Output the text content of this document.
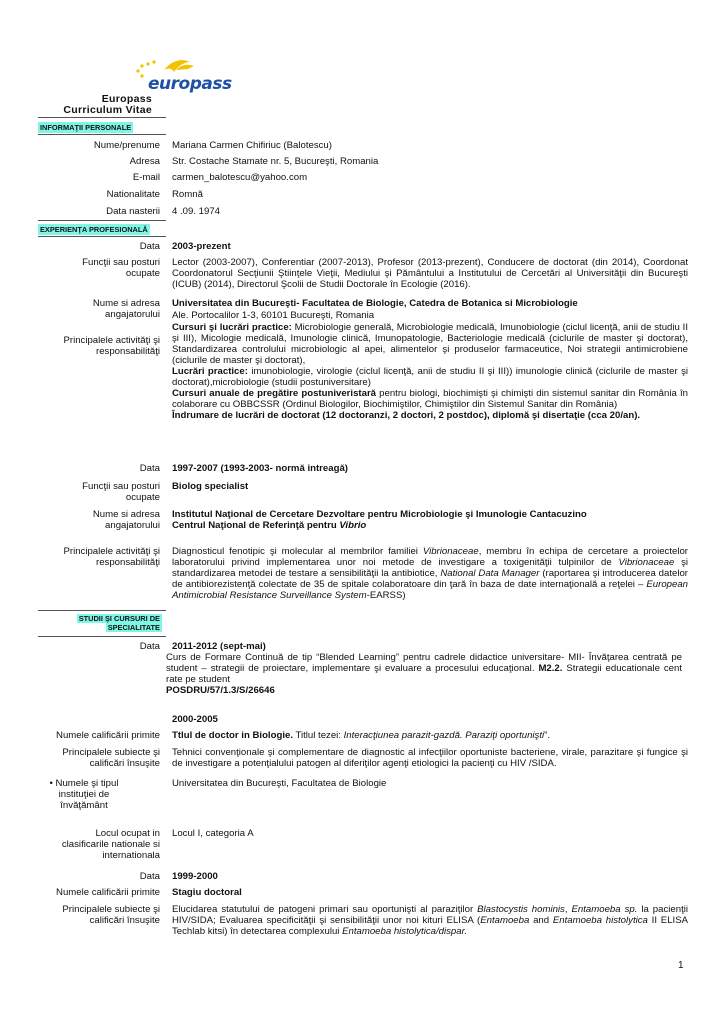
europass
Europass
Curriculum Vitae
INFORMAŢII PERSONALE
Nume/prenume Mariana Carmen Chifiriuc (Balotescu)
Adresa Str. Costache Stamate nr. 5, Bucureşti, Romania
E-mail carmen_balotescu@yahoo.com
Nationalitate Romnă
Data nasterii 4 .09. 1974
EXPERIENŢA PROFESIONALĂ
Data 2003-prezent
Funcţii sau posturi
ocupate
Lector (2003-2007), Conferentiar (2007-2013), Profesor (2013-prezent), Conducere de doctorat (din 2014), Coordonat Coordonatorul Secţiunii Ştiinţele Vieţii, Mediului şi Pământului a Institutului de Cercetări al Universităţii din Bucureşti (ICUB) (2014), Directorul Şcolii de Studii Doctorale în Ecologie (2016).
Nume si adresa
angajatorului
Universitatea din Bucureşti- Facultatea de Biologie, Catedra de Botanica si Microbiologie
Ale. Portocalilor 1-3, 60101 Bucureşti, Romania
Principalele activităţi şi
responsabilităţi
Cursuri şi lucrări practice: Microbiologie generală, Microbiologie medicală, Imunobiologie (ciclul licenţă, anii de studiu II şi III), Micologie medicală, Imunologie clinică, Imunopatologie, Bacteriologie medicală (ciclurile de master şi doctorat), Standardizarea controlului microbiologic al apei, alimentelor şi produselor farmaceutice, Noi strategii antimicrobiene (ciclurile de master şi doctorat),
Lucrări practice: imunobiologie, virologie (ciclul licenţă, anii de studiu II şi III)) imunologie clinică (ciclurile de master şi doctorat),microbiologie (studii postuniversitare)
Cursuri anuale de pregătire postuniveristară pentru biologi, biochimişti şi chimişti din sistemul sanitar din România în colaborare cu OBBCSSR (Ordinul Biologilor, Biochimiştilor, Chimiştilor din Sistemul Sanitar din România)
Îndrumare de lucrări de doctorat (12 doctoranzi, 2 doctori, 2 postdoc), diplomă şi disertaţie (cca 20/an).
Data 1997-2007 (1993-2003- normă intreagă)
Funcţii sau posturi
ocupate
Biolog specialist
Nume si adresa
angajatorului
Institutul Naţional de Cercetare Dezvoltare pentru Microbiologie şi Imunologie Cantacuzino
Centrul Naţional de Referinţă pentru Vibrio
Principalele activităţi şi
responsabilităţi
Diagnosticul fenotipic şi molecular al membrilor familiei Vibrionaceae, membru în echipa de cercetare a proiectelor laboratorului privind implementarea unor noi metode de investigare a toxigenităţii tulpinilor de Vibrionaceae şi standardizarea metodei de testare a sensibilităţii la antibiotice, National Data Manager (raportarea şi introducerea datelor de antibiorezistenţă colectate de 35 de spitale colaboratoare din ţară în baza de date internaţională a reţelei – European Antimicrobial Resistance Surveillance System-EARSS)
STUDII ŞI CURSURI DE
SPECIALITATE
Data 2011-2012 (sept-mai)
Curs de Formare Continuă de tip “Blended Learning” pentru cadrele didactice universitare- MII- Învăţarea centrată pe student – strategii de proiectare, implementare şi evaluare a procesului educaţional. M2.2. Strategii educationale cent rate pe student
POSDRU/57/1.3/S/26646
2000-2005
Numele calificării primite Ttlul de doctor in Biologie. Titlul tezei: Interacţiunea parazit-gazdă. Paraziţi oportunişti”.
Principalele subiecte şi
calificări însuşite
Tehnici convenţionale şi complementare de diagnostic al infecţiilor oportuniste bacteriene, virale, parazitare şi fungice şi de investigare a potenţialului patogen al diferiţilor agenţi etiologici la pacienţi cu HIV /SIDA.
• Numele şi tipul
instituţiei de
învăţământ
Universitatea din Bucureşti, Facultatea de Biologie
Locul ocupat in
clasificarile nationale si
internationala
Locul I, categoria A
Data 1999-2000
Numele calificării primite Stagiu doctoral
Principalele subiecte şi
calificări însuşite
Elucidarea statutului de patogeni primari sau oportunişti al paraziţilor Blastocystis hominis, Entamoeba sp. la pacienţii HIV/SIDA; Evaluarea specificităţii şi sensibilităţii unor noi kituri ELISA (Entamoeba and Entamoeba histolytica II ELISA Techlab kitsi) în detectarea complexului Entamoeba histolytica/dispar.
1
